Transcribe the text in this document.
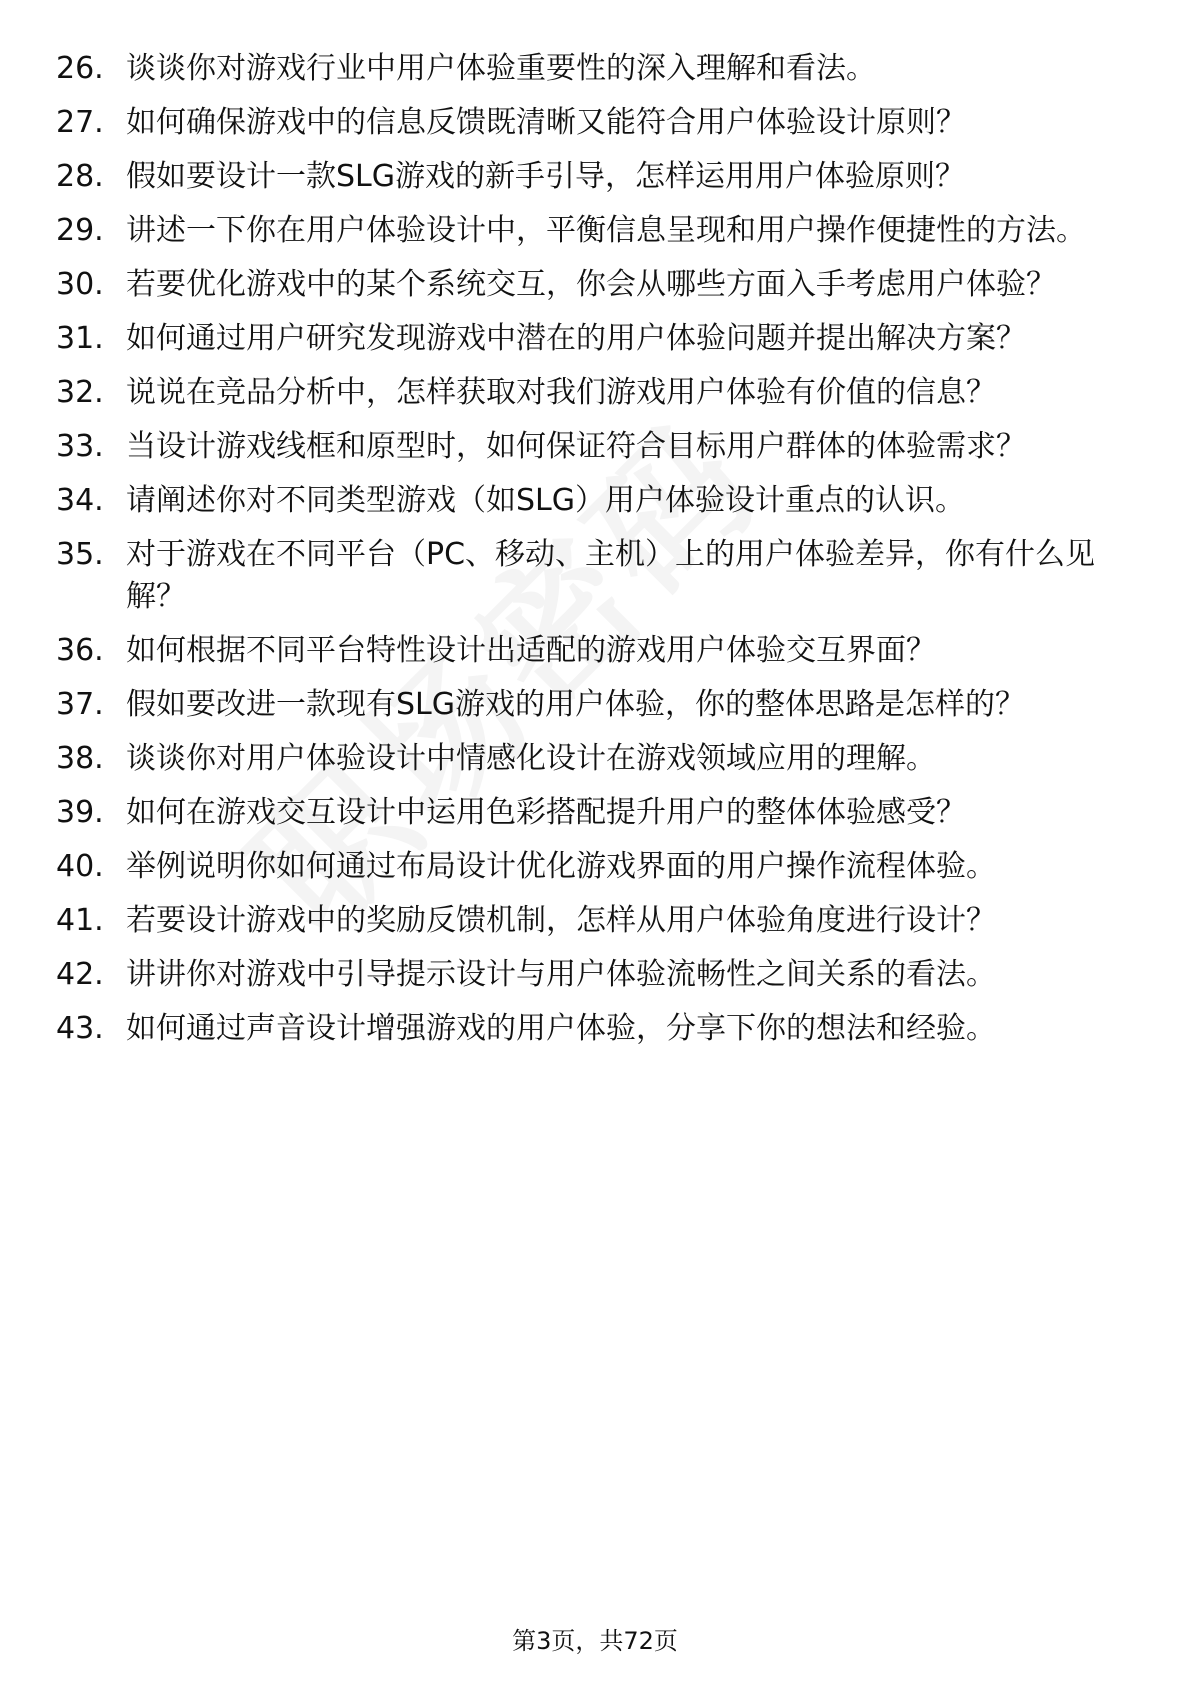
26. 谈谈你对游戏行业中用户体验重要性的深入理解和看法。
27. 如何确保游戏中的信息反馈既清晰又能符合用户体验设计原则？
28. 假如要设计一款SLG游戏的新手引导，怎样运用用户体验原则？
29. 讲述一下你在用户体验设计中，平衡信息呈现和用户操作便捷性的方法。
30. 若要优化游戏中的某个系统交互，你会从哪些方面入手考虑用户体验？
31. 如何通过用户研究发现游戏中潜在的用户体验问题并提出解决方案？
32. 说说在竞品分析中，怎样获取对我们游戏用户体验有价值的信息？
33. 当设计游戏线框和原型时，如何保证符合目标用户群体的体验需求？
34. 请阐述你对不同类型游戏（如SLG）用户体验设计重点的认识。
35. 对于游戏在不同平台（PC、移动、主机）上的用户体验差异，你有什么见解？
36. 如何根据不同平台特性设计出适配的游戏用户体验交互界面？
37. 假如要改进一款现有SLG游戏的用户体验，你的整体思路是怎样的？
38. 谈谈你对用户体验设计中情感化设计在游戏领域应用的理解。
39. 如何在游戏交互设计中运用色彩搭配提升用户的整体体验感受？
40. 举例说明你如何通过布局设计优化游戏界面的用户操作流程体验。
41. 若要设计游戏中的奖励反馈机制，怎样从用户体验角度进行设计？
42. 讲讲你对游戏中引导提示设计与用户体验流畅性之间关系的看法。
43. 如何通过声音设计增强游戏的用户体验，分享下你的想法和经验。
第3页，共72页
